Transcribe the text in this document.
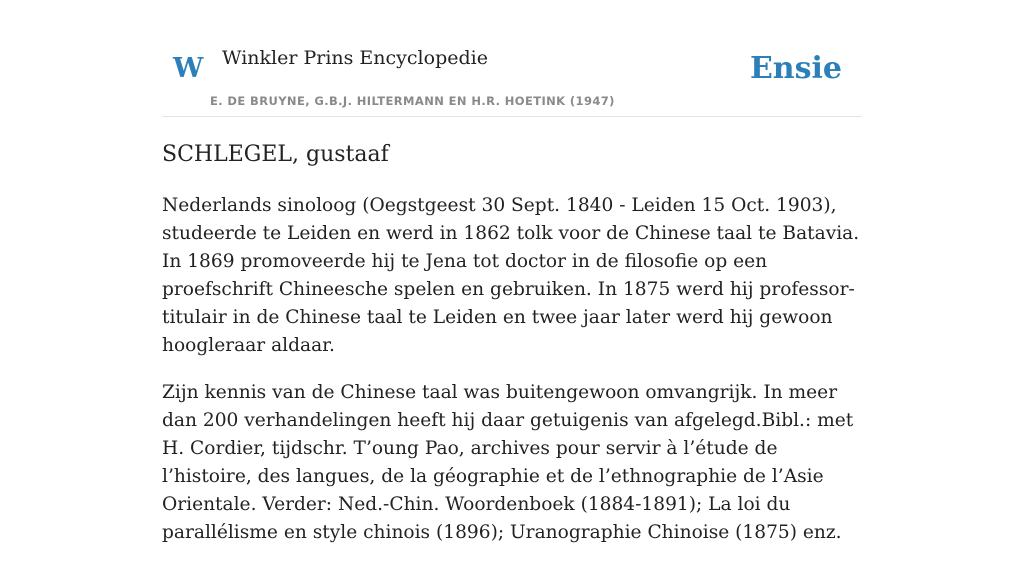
W Winkler Prins Encyclopedie
E. DE BRUYNE, G.B.J. HILTERMANN EN H.R. HOETINK (1947)
Ensie
SCHLEGEL, gustaaf

Nederlands sinoloog (Oegstgeest 30 Sept. 1840 - Leiden 15 Oct. 1903), studeerde te Leiden en werd in 1862 tolk voor de Chinese taal te Batavia. In 1869 promoveerde hij te Jena tot doctor in de filosofie op een proefschrift Chineesche spelen en gebruiken. In 1875 werd hij professor-titulair in de Chinese taal te Leiden en twee jaar later werd hij gewoon hoogleraar aldaar.

Zijn kennis van de Chinese taal was buitengewoon omvangrijk. In meer dan 200 verhandelingen heeft hij daar getuigenis van afgelegd.Bibl.: met H. Cordier, tijdschr. T’oung Pao, archives pour servir à l’étude de l’histoire, des langues, de la géographie et de l’ethnographie de l’Asie Orientale. Verder: Ned.-Chin. Woordenboek (1884-1891); La loi du parallélisme en style chinois (1896); Uranographie Chinoise (1875) enz.
